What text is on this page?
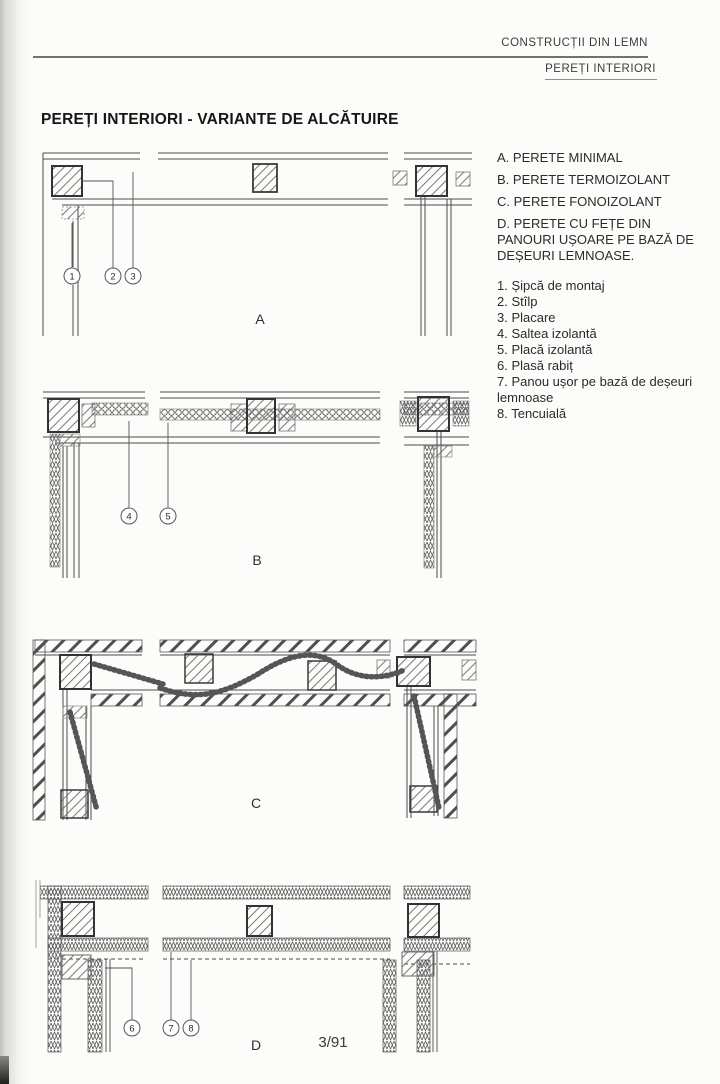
CONSTRUCȚII DIN LEMN
PEREȚI INTERIORI
PEREȚI INTERIORI - VARIANTE DE ALCĂTUIRE
1	2 3
A
4	5
B
C
6	7 8
D	3/91
A. PERETE MINIMAL
B. PERETE TERMOIZOLANT
C. PERETE FONOIZOLANT
D. PERETE CU FEȚE DIN PANOURI UȘOARE PE BAZĂ DE DEȘEURI LEMNOASE.
1. Șipcă de montaj
2. Stîlp
3. Placare
4. Saltea izolantă
5. Placă izolantă
6. Plasă rabiț
7. Panou ușor pe bază de deșeuri lemnoase
8. Tencuială
